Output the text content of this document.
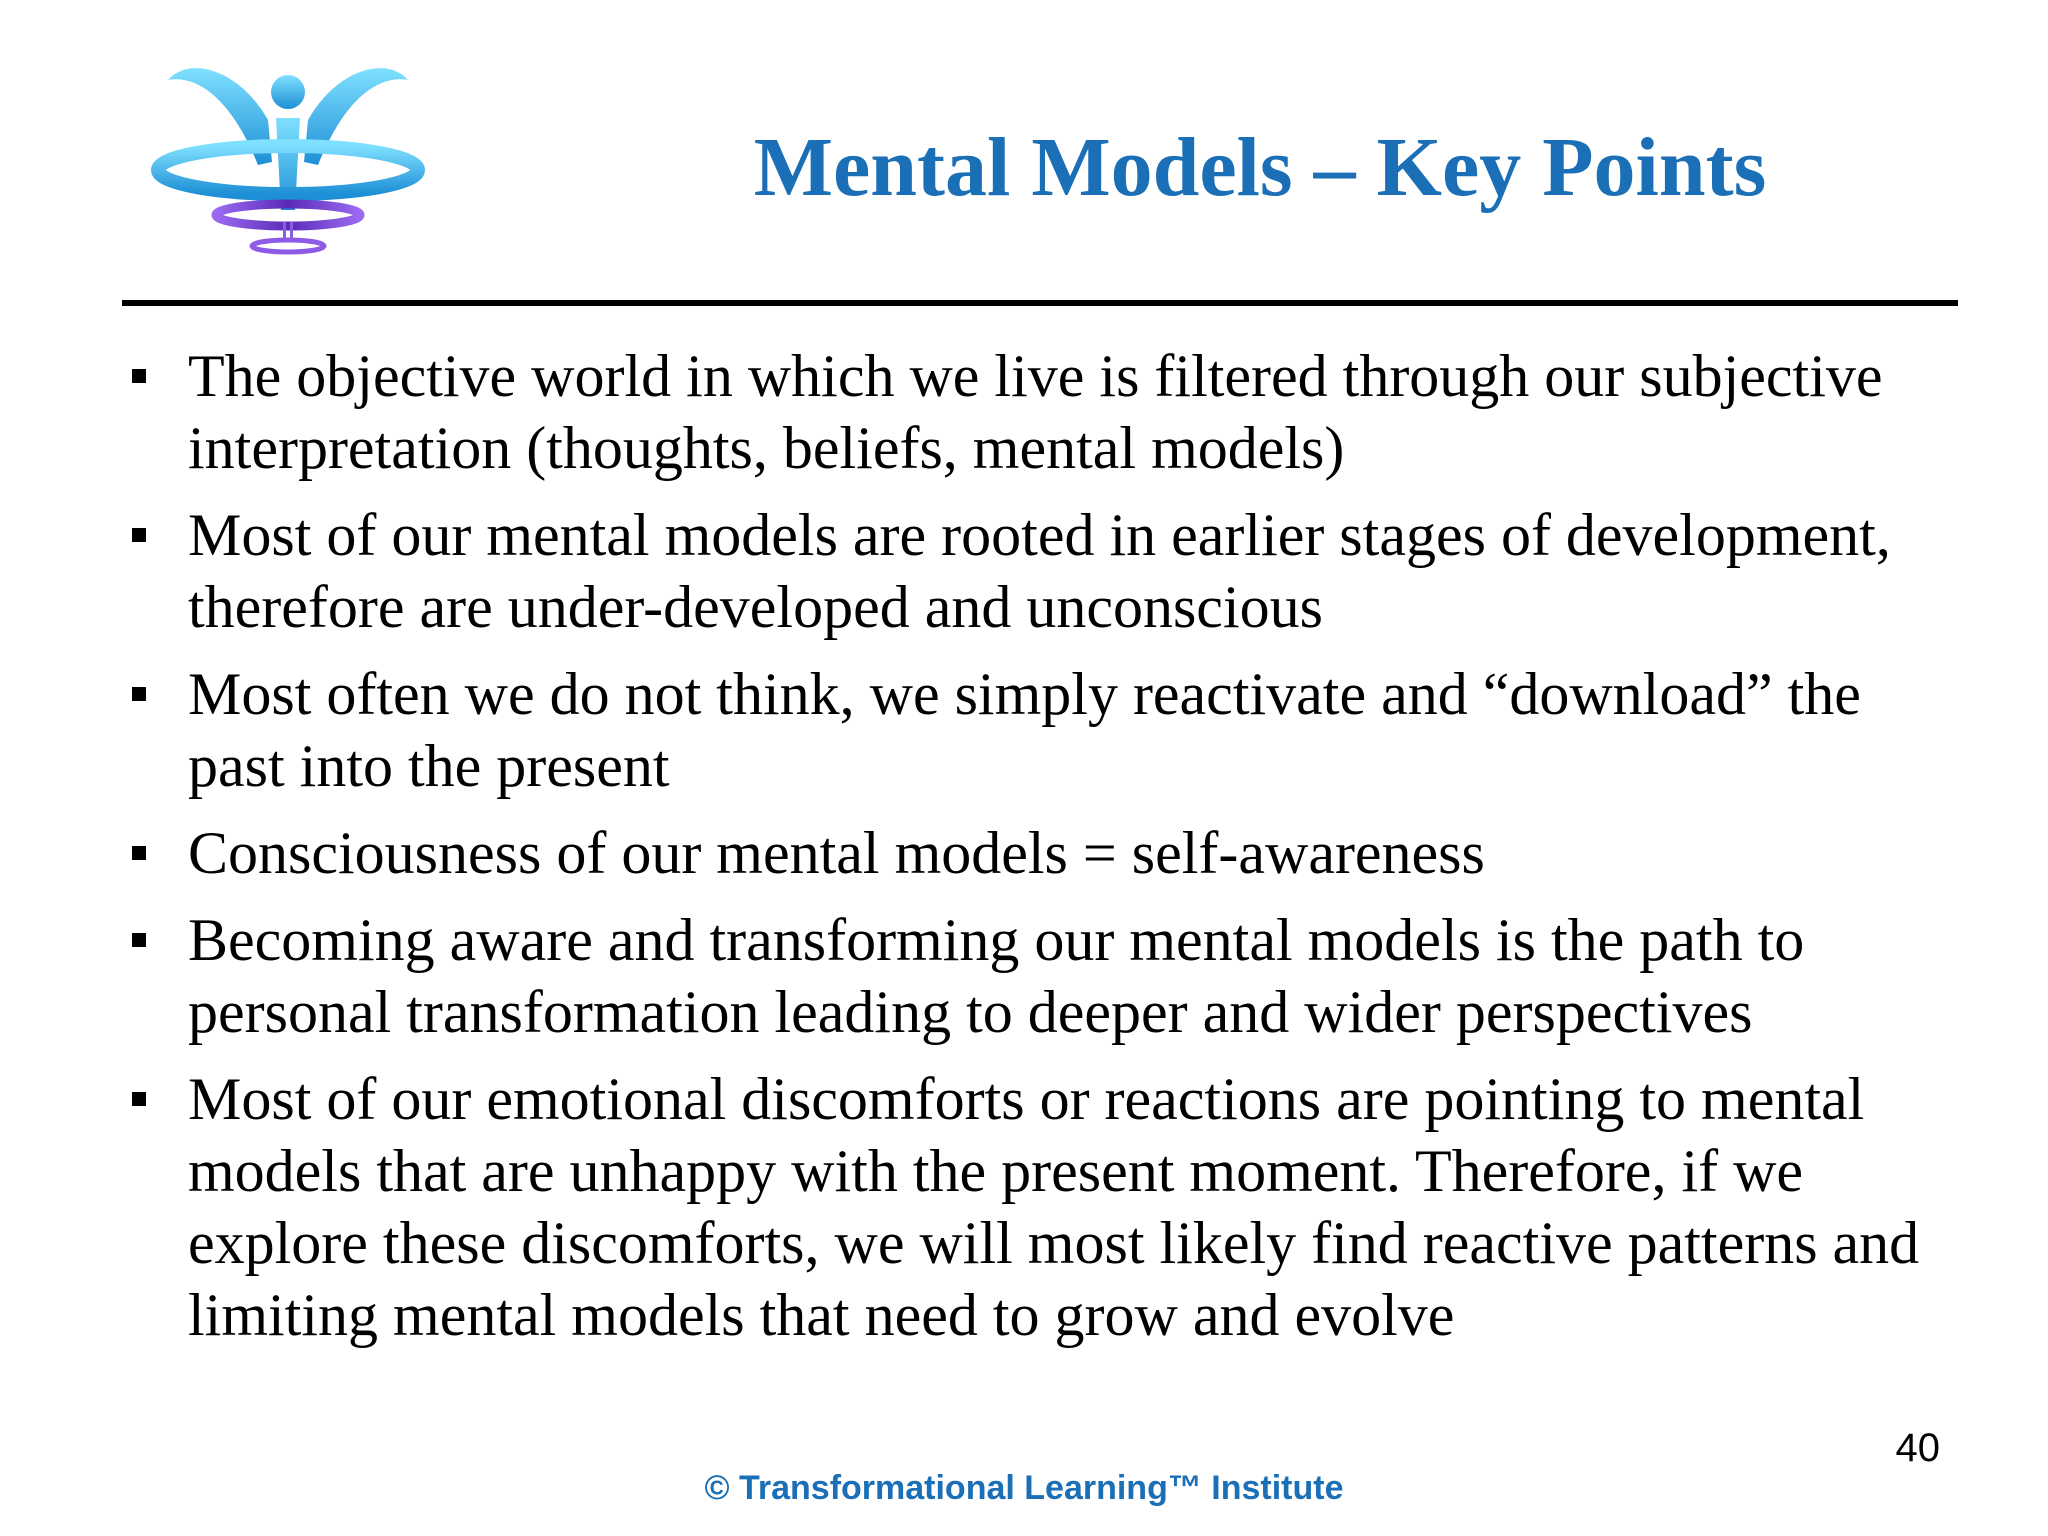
Mental Models – Key Points
The objective world in which we live is filtered through our subjective interpretation (thoughts, beliefs, mental models)
Most of our mental models are rooted in earlier stages of development, therefore are under-developed and unconscious
Most often we do not think, we simply reactivate and “download” the past into the present
Consciousness of our mental models = self-awareness
Becoming aware and transforming our mental models is the path to personal transformation leading to deeper and wider perspectives
Most of our emotional discomforts or reactions are pointing to mental models that are unhappy with the present moment. Therefore, if we explore these discomforts, we will most likely find reactive patterns and limiting mental models that need to grow and evolve
40
© Transformational Learning™ Institute
